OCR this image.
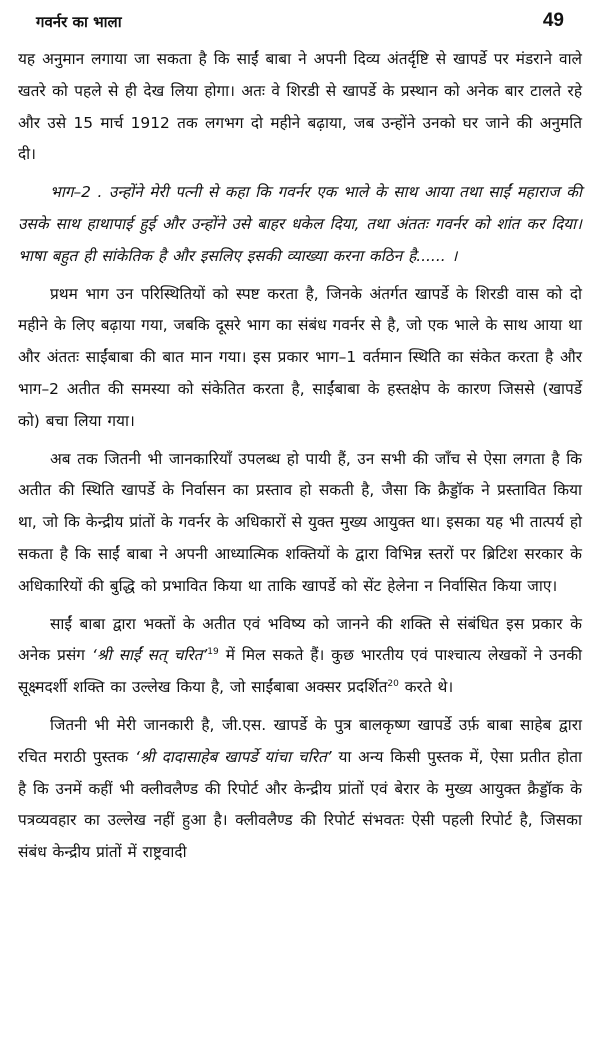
गवर्नर का भाला	49

यह अनुमान लगाया जा सकता है कि साईं बाबा ने अपनी दिव्य अंतर्दृष्टि से खापर्डे पर मंडराने वाले खतरे को पहले से ही देख लिया होगा। अतः वे शिरडी से खापर्डे के प्रस्थान को अनेक बार टालते रहे और उसे 15 मार्च 1912 तक लगभग दो महीने बढ़ाया, जब उन्होंने उनको घर जाने की अनुमति दी।

भाग–2 . उन्होंने मेरी पत्नी से कहा कि गवर्नर एक भाले के साथ आया तथा साईं महाराज की उसके साथ हाथापाई हुई और उन्होंने उसे बाहर धकेल दिया, तथा अंततः गवर्नर को शांत कर दिया। भाषा बहुत ही सांकेतिक है और इसलिए इसकी व्याख्या करना कठिन है...... ।

प्रथम भाग उन परिस्थितियों को स्पष्ट करता है, जिनके अंतर्गत खापर्डे के शिरडी वास को दो महीने के लिए बढ़ाया गया, जबकि दूसरे भाग का संबंध गवर्नर से है, जो एक भाले के साथ आया था और अंततः साईंबाबा की बात मान गया। इस प्रकार भाग–1 वर्तमान स्थिति का संकेत करता है और भाग–2 अतीत की समस्या को संकेतित करता है, साईंबाबा के हस्तक्षेप के कारण जिससे (खापर्डे को) बचा लिया गया।

अब तक जितनी भी जानकारियाँ उपलब्ध हो पायी हैं, उन सभी की जाँच से ऐसा लगता है कि अतीत की स्थिति खापर्डे के निर्वासन का प्रस्ताव हो सकती है, जैसा कि क्रैड्डॉक ने प्रस्तावित किया था, जो कि केन्द्रीय प्रांतों के गवर्नर के अधिकारों से युक्त मुख्य आयुक्त था। इसका यह भी तात्पर्य हो सकता है कि साईं बाबा ने अपनी आध्यात्मिक शक्तियों के द्वारा विभिन्न स्तरों पर ब्रिटिश सरकार के अधिकारियों की बुद्धि को प्रभावित किया था ताकि खापर्डे को सेंट हेलेना न निर्वासित किया जाए।

साईं बाबा द्वारा भक्तों के अतीत एवं भविष्य को जानने की शक्ति से संबंधित इस प्रकार के अनेक प्रसंग ‘श्री साईं सत् चरित’$^{19}$ में मिल सकते हैं। कुछ भारतीय एवं पाश्चात्य लेखकों ने उनकी सूक्ष्मदर्शी शक्ति का उल्लेख किया है, जो साईंबाबा अक्सर प्रदर्शित$^{20}$ करते थे।

जितनी भी मेरी जानकारी है, जी.एस. खापर्डे के पुत्र बालकृष्ण खापर्डे उर्फ़ बाबा साहेब द्वारा रचित मराठी पुस्तक ‘श्री दादासाहेब खापर्डे यांचा चरित’ या अन्य किसी पुस्तक में, ऐसा प्रतीत होता है कि उनमें कहीं भी क्लीवलैण्ड की रिपोर्ट और केन्द्रीय प्रांतों एवं बेरार के मुख्य आयुक्त क्रैड्डॉक के पत्रव्यवहार का उल्लेख नहीं हुआ है। क्लीवलैण्ड की रिपोर्ट संभवतः ऐसी पहली रिपोर्ट है, जिसका संबंध केन्द्रीय प्रांतों में राष्ट्रवादी
